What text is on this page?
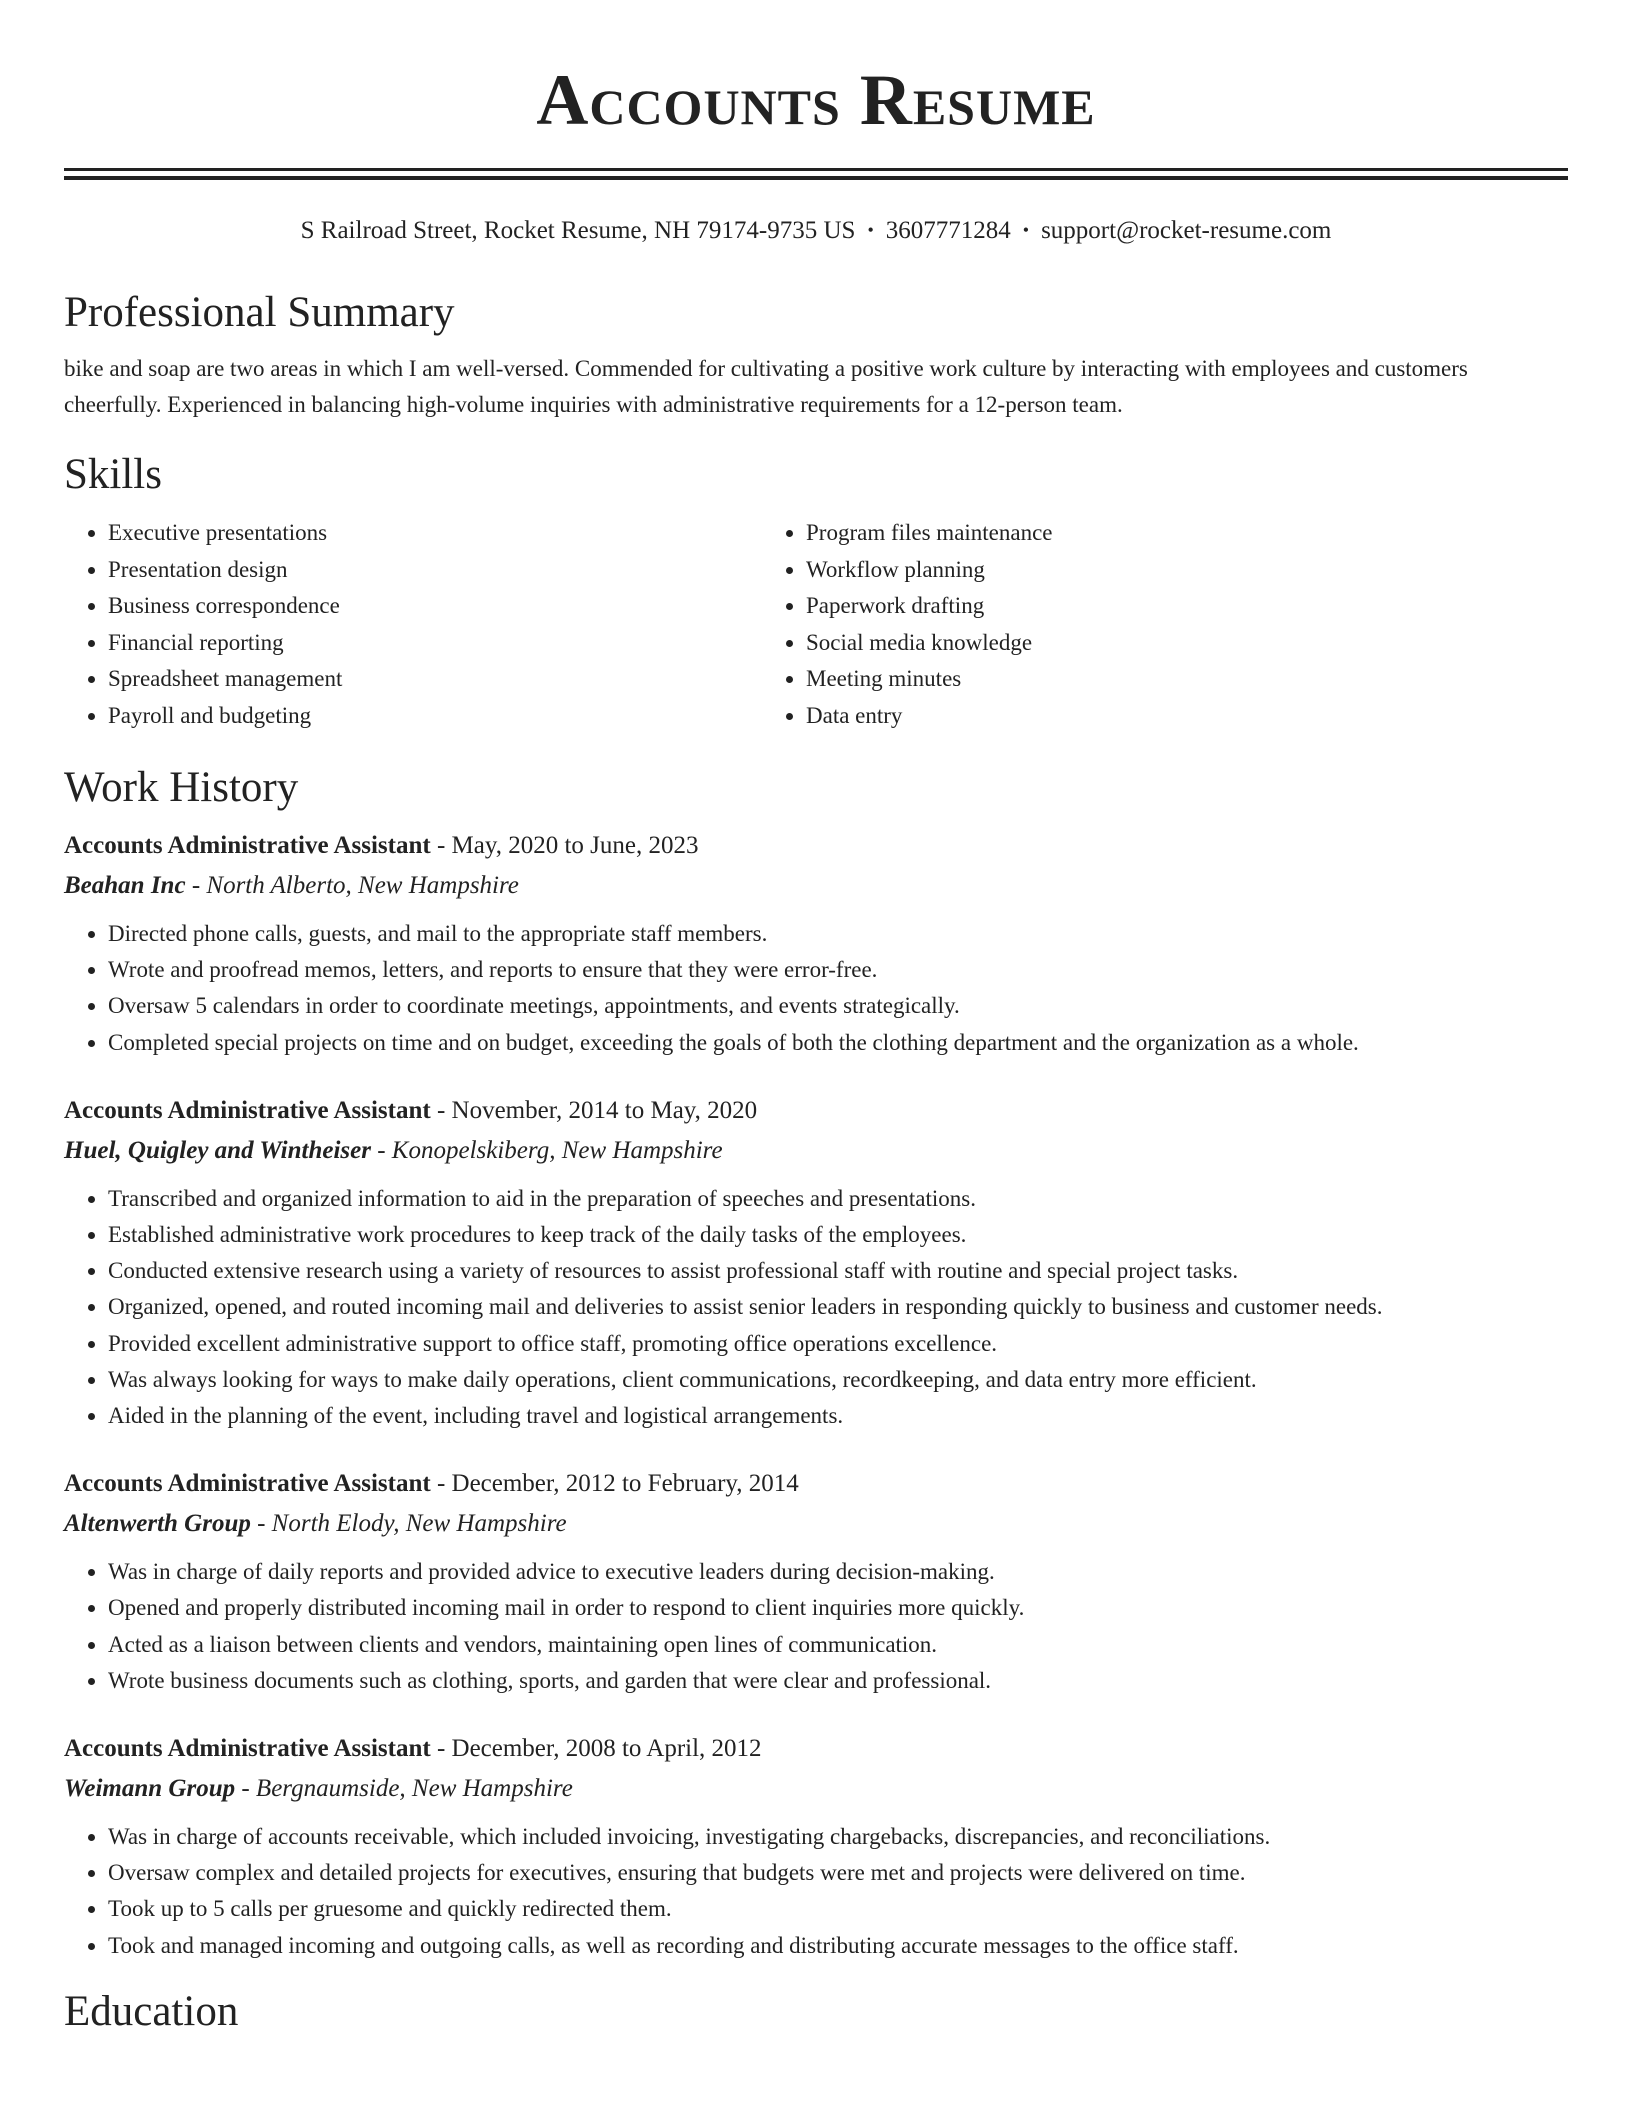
Accounts Resume
S Railroad Street, Rocket Resume, NH 79174-9735 US • 3607771284 • support@rocket-resume.com
Professional Summary
bike and soap are two areas in which I am well-versed. Commended for cultivating a positive work culture by interacting with employees and customers cheerfully. Experienced in balancing high-volume inquiries with administrative requirements for a 12-person team.
Skills
• Executive presentations
• Presentation design
• Business correspondence
• Financial reporting
• Spreadsheet management
• Payroll and budgeting
• Program files maintenance
• Workflow planning
• Paperwork drafting
• Social media knowledge
• Meeting minutes
• Data entry
Work History
Accounts Administrative Assistant - May, 2020 to June, 2023
Beahan Inc - North Alberto, New Hampshire
• Directed phone calls, guests, and mail to the appropriate staff members.
• Wrote and proofread memos, letters, and reports to ensure that they were error-free.
• Oversaw 5 calendars in order to coordinate meetings, appointments, and events strategically.
• Completed special projects on time and on budget, exceeding the goals of both the clothing department and the organization as a whole.
Accounts Administrative Assistant - November, 2014 to May, 2020
Huel, Quigley and Wintheiser - Konopelskiberg, New Hampshire
• Transcribed and organized information to aid in the preparation of speeches and presentations.
• Established administrative work procedures to keep track of the daily tasks of the employees.
• Conducted extensive research using a variety of resources to assist professional staff with routine and special project tasks.
• Organized, opened, and routed incoming mail and deliveries to assist senior leaders in responding quickly to business and customer needs.
• Provided excellent administrative support to office staff, promoting office operations excellence.
• Was always looking for ways to make daily operations, client communications, recordkeeping, and data entry more efficient.
• Aided in the planning of the event, including travel and logistical arrangements.
Accounts Administrative Assistant - December, 2012 to February, 2014
Altenwerth Group - North Elody, New Hampshire
• Was in charge of daily reports and provided advice to executive leaders during decision-making.
• Opened and properly distributed incoming mail in order to respond to client inquiries more quickly.
• Acted as a liaison between clients and vendors, maintaining open lines of communication.
• Wrote business documents such as clothing, sports, and garden that were clear and professional.
Accounts Administrative Assistant - December, 2008 to April, 2012
Weimann Group - Bergnaumside, New Hampshire
• Was in charge of accounts receivable, which included invoicing, investigating chargebacks, discrepancies, and reconciliations.
• Oversaw complex and detailed projects for executives, ensuring that budgets were met and projects were delivered on time.
• Took up to 5 calls per gruesome and quickly redirected them.
• Took and managed incoming and outgoing calls, as well as recording and distributing accurate messages to the office staff.
Education
